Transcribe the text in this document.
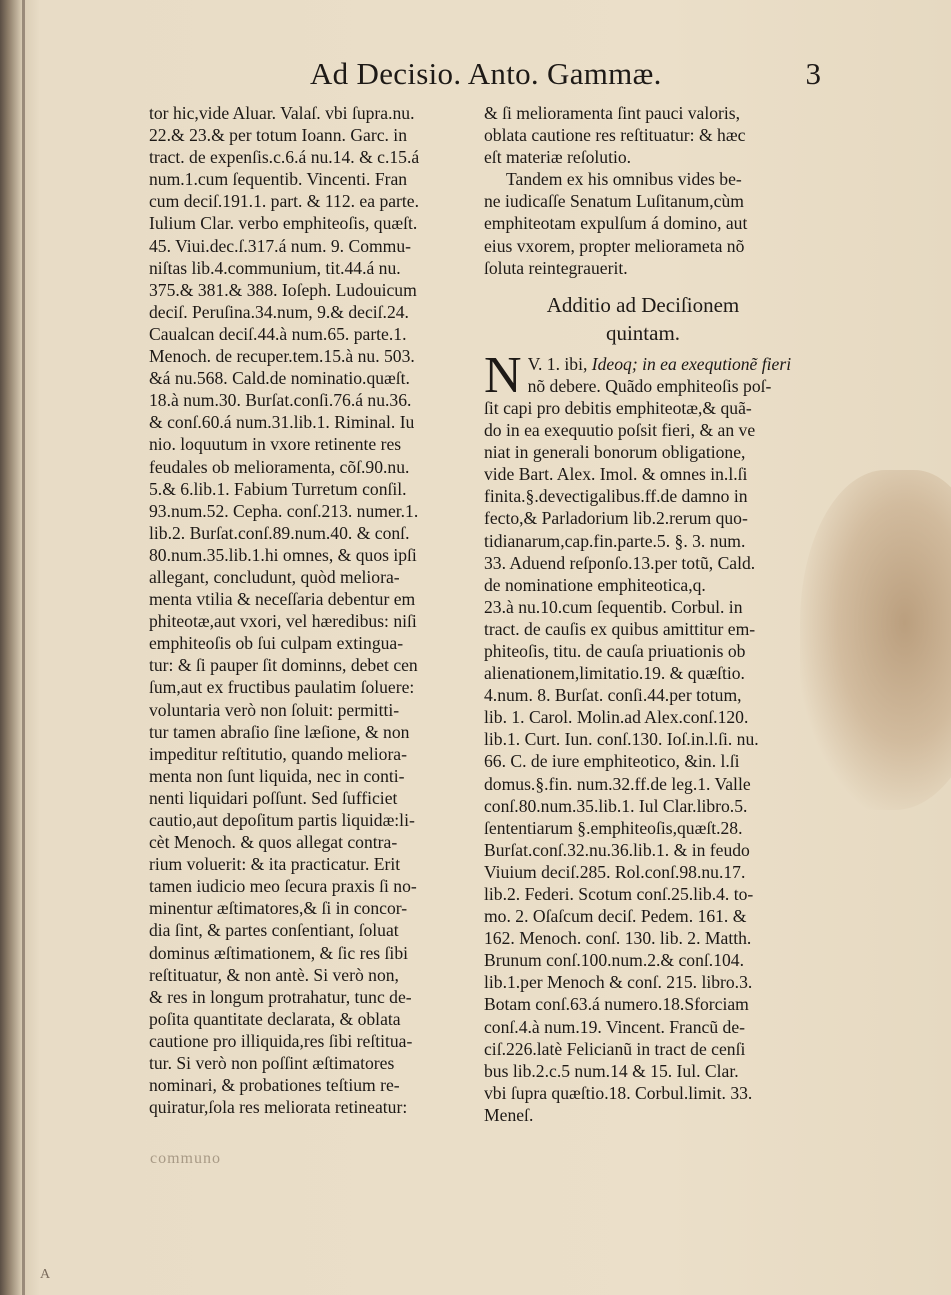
Ad Decisio. Anto. Gammæ.	3
tor hic,vide Aluar. Valaſ. vbi ſupra.nu.
22.& 23.& per totum Ioann. Garc. in
tract. de expenſis.c.6.á nu.14. & c.15.á
num.1.cum ſequentib. Vincenti. Fran
cum deciſ.191.1. part. & 112. ea parte.
Iulium Clar. verbo emphiteoſis, quæſt.
45. Viui.dec.ſ.317.á num. 9. Commu-
niſtas lib.4.communium, tit.44.á nu.
375.& 381.& 388. Ioſeph. Ludouicum
deciſ. Peruſina.34.num, 9.& deciſ.24.
Caualcan deciſ.44.à num.65. parte.1.
Menoch. de recuper.tem.15.à nu. 503.
&á nu.568. Cald.de nominatio.quæſt.
18.à num.30. Burſat.conſi.76.á nu.36.
& conſ.60.á num.31.lib.1. Riminal. Iu
nio. loquutum in vxore retinente res
feudales ob melioramenta, cõſ.90.nu.
5.& 6.lib.1. Fabium Turretum conſil.
93.num.52. Cepha. conſ.213. numer.1.
lib.2. Burſat.conſ.89.num.40. & conſ.
80.num.35.lib.1.hi omnes, & quos ipſi
allegant, concludunt, quòd meliora-
menta vtilia & neceſſaria debentur em
phiteotæ,aut vxori, vel hæredibus: niſi
emphiteoſis ob ſui culpam extingua-
tur: & ſi pauper ſit dominns, debet cen
ſum,aut ex fructibus paulatim ſoluere:
voluntaria verò non ſoluit: permitti-
tur tamen abraſio ſine læſione, & non
impeditur reſtitutio, quando meliora-
menta non ſunt liquida, nec in conti-
nenti liquidari poſſunt. Sed ſufficiet
cautio,aut depoſitum partis liquidæ:li-
cèt Menoch. & quos allegat contra-
rium voluerit: & ita practicatur. Erit
tamen iudicio meo ſecura praxis ſi no-
minentur æſtimatores,& ſi in concor-
dia ſint, & partes conſentiant, ſoluat
dominus æſtimationem, & ſic res ſibi
reſtituatur, & non antè. Si verò non,
& res in longum protrahatur, tunc de-
poſita quantitate declarata, & oblata
cautione pro illiquida,res ſibi reſtitua-
tur. Si verò non poſſint æſtimatores
nominari, & probationes teſtium re-
quiratur,ſola res meliorata retineatur:
& ſi melioramenta ſint pauci valoris,
oblata cautione res reſtituatur: & hæc
eſt materiæ reſolutio.
Tandem ex his omnibus vides be-
ne iudicaſſe Senatum Luſitanum,cùm
emphiteotam expulſum á domino, aut
eius vxorem, propter meliorameta nõ
ſoluta reintegrauerit.
Additio ad Deciſionem
quintam.
N V. 1. ibi, Ideoq; in ea exequtionẽ fieri
nõ debere. Quãdo emphiteoſis poſ-
ſit capi pro debitis emphiteotæ,& quã-
do in ea exequutio poſsit fieri, & an ve
niat in generali bonorum obligatione,
vide Bart. Alex. Imol. & omnes in.l.ſi
finita.§.devectigalibus.ff.de damno in
fecto,& Parladorium lib.2.rerum quo-
tidianarum,cap.fin.parte.5. §. 3. num.
33. Aduend reſponſo.13.per totũ, Cald.
de nominatione emphiteotica,q.
23.à nu.10.cum ſequentib. Corbul. in
tract. de cauſis ex quibus amittitur em-
phiteoſis, titu. de cauſa priuationis ob
alienationem,limitatio.19. & quæſtio.
4.num. 8. Burſat. conſi.44.per totum,
lib. 1. Carol. Molin.ad Alex.conſ.120.
lib.1. Curt. Iun. conſ.130. Ioſ.in.l.ſi. nu.
66. C. de iure emphiteotico, &in. l.ſi
domus.§.fin. num.32.ff.de leg.1. Valle
conſ.80.num.35.lib.1. Iul Clar.libro.5.
ſententiarum §.emphiteoſis,quæſt.28.
Burſat.conſ.32.nu.36.lib.1. & in feudo
Viuium deciſ.285. Rol.conſ.98.nu.17.
lib.2. Federi. Scotum conſ.25.lib.4. to-
mo. 2. Oſaſcum deciſ. Pedem. 161. &
162. Menoch. conſ. 130. lib. 2. Matth.
Brunum conſ.100.num.2.& conſ.104.
lib.1.per Menoch & conſ. 215. libro.3.
Botam conſ.63.á numero.18.Sforciam
conſ.4.à num.19. Vincent. Francũ de-
ciſ.226.latè Felicianũ in tract de cenſi
bus lib.2.c.5 num.14 & 15. Iul. Clar.
vbi ſupra quæſtio.18. Corbul.limit. 33.
Meneſ.
communo
A
